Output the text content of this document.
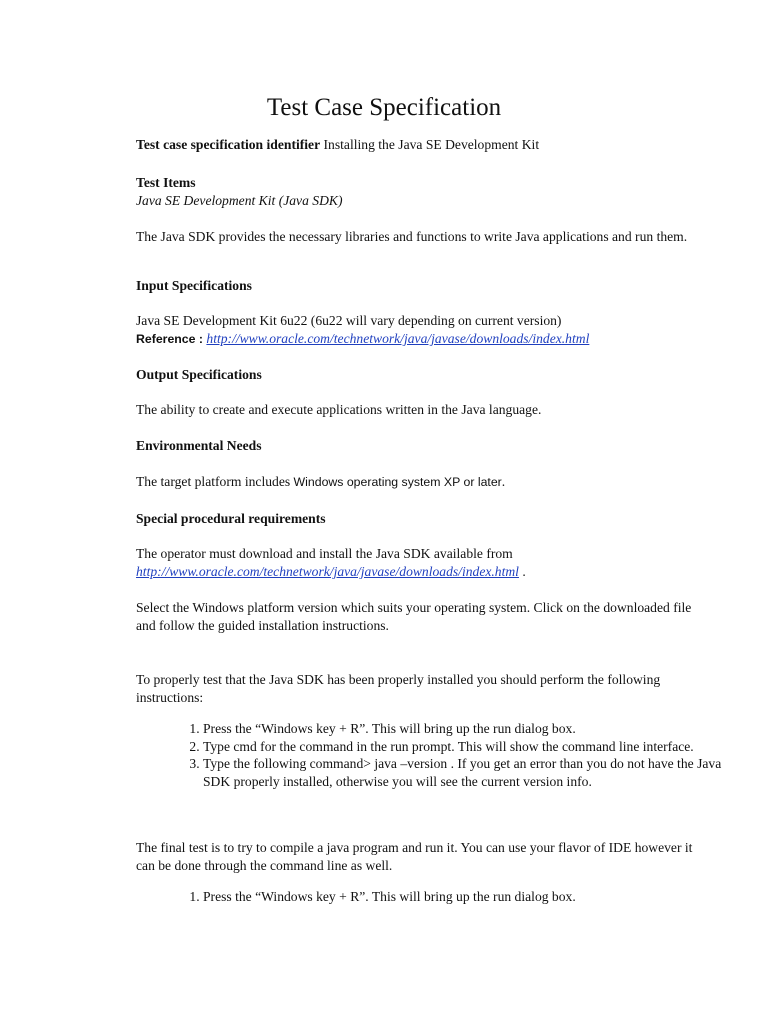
Test Case Specification

Test case specification identifier Installing the Java SE Development Kit

Test Items

Java SE Development Kit (Java SDK)

The Java SDK provides the necessary libraries and functions to write Java applications and run them.

Input Specifications

Java SE Development Kit 6u22 (6u22 will vary depending on current version)

Reference : http://www.oracle.com/technetwork/java/javase/downloads/index.html

Output Specifications

The ability to create and execute applications written in the Java language.

Environmental Needs

The target platform includes Windows operating system XP or later.

Special procedural requirements

The operator must download and install the Java SDK available from

http://www.oracle.com/technetwork/java/javase/downloads/index.html .

Select the Windows platform version which suits your operating system. Click on the downloaded file and follow the guided installation instructions.

To properly test that the Java SDK has been properly installed you should perform the following instructions:

1. Press the “Windows key + R”. This will bring up the run dialog box.
2. Type cmd for the command in the run prompt. This will show the command line interface.
3. Type the following command> java –version . If you get an error than you do not have the Java SDK properly installed, otherwise you will see the current version info.

The final test is to try to compile a java program and run it. You can use your flavor of IDE however it can be done through the command line as well.

1. Press the “Windows key + R”. This will bring up the run dialog box.
